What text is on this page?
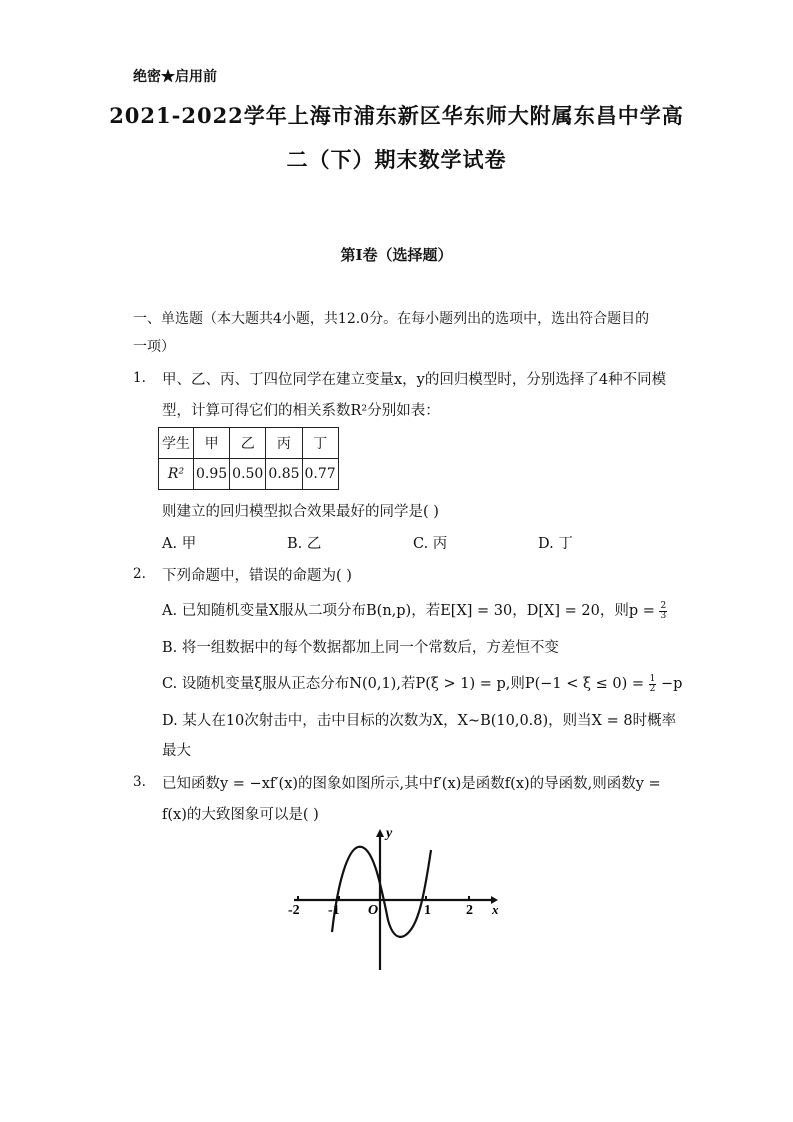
绝密★启用前
2021-2022学年上海市浦东新区华东师大附属东昌中学高
二（下）期末数学试卷
第Ⅰ卷（选择题）
一、单选题（本大题共4小题，共12.0分。在每小题列出的选项中，选出符合题目的一项）
1. 甲、乙、丙、丁四位同学在建立变量x，y的回归模型时，分别选择了4种不同模
型，计算可得它们的相关系数R²分别如表：
学生	甲	乙	丙	丁
R²	0.95	0.50	0.85	0.77
则建立的回归模型拟合效果最好的同学是( )
A. 甲	B. 乙	C. 丙	D. 丁
2. 下列命题中，错误的命题为( )
A. 已知随机变量X服从二项分布B(n,p)，若E[X] = 30，D[X] = 20，则$p = \frac{2}{3}$
B. 将一组数据中的每个数据都加上同一个常数后，方差恒不变
C. 设随机变量ξ服从正态分布N(0,1),若P(ξ > 1) = p,则$P(-1 < \xi \le 0) = \frac{1}{2} -p$
D. 某人在10次射击中，击中目标的次数为X，X∼B(10,0.8)，则当X = 8时概率
最大
3. 已知函数y = −xf′(x)的图象如图所示,其中f′(x)是函数f(x)的导函数,则函数y =
f(x)的大致图象可以是( )
-2 -1 O	1	2
y
x
